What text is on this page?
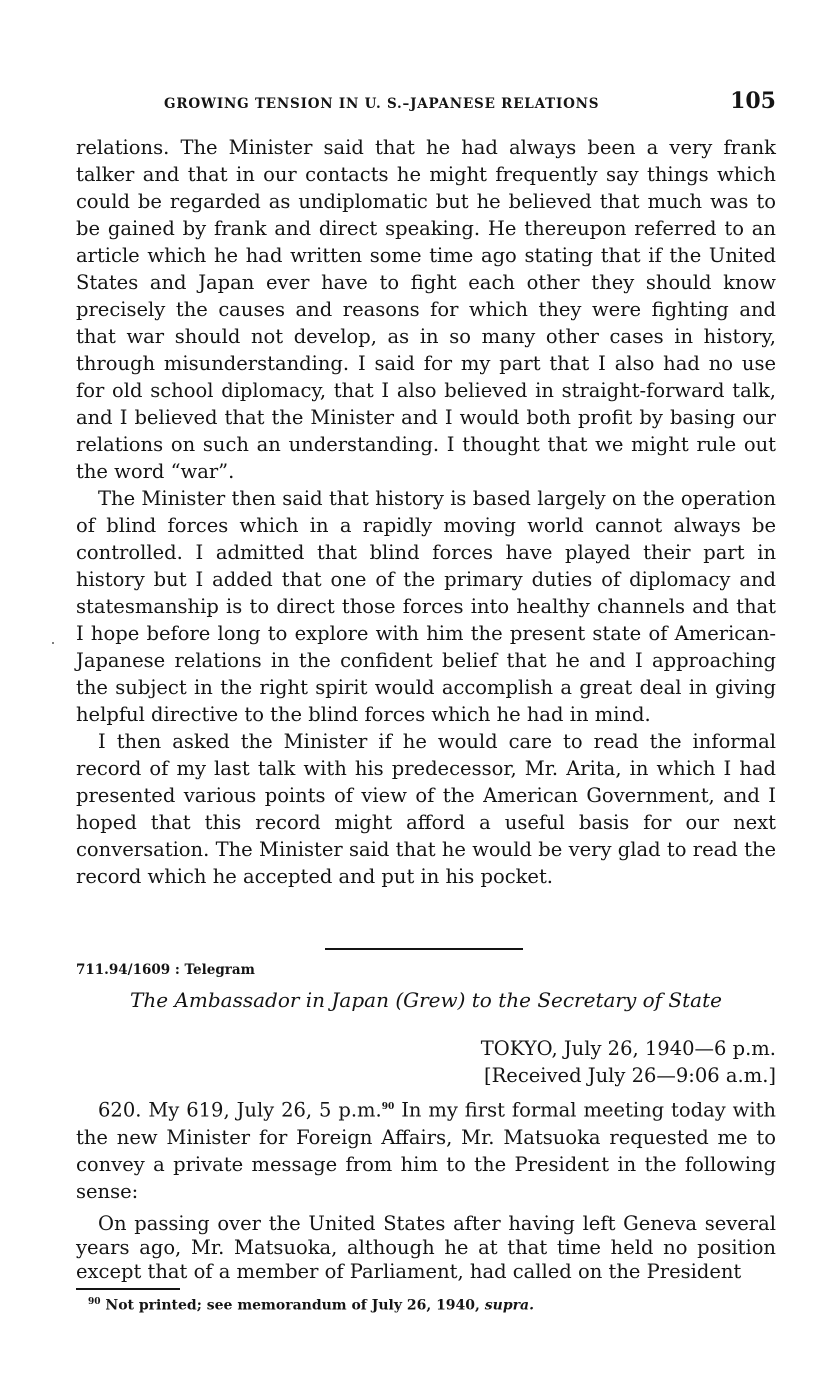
GROWING TENSION IN U. S.–JAPANESE RELATIONS	105

relations. The Minister said that he had always been a very frank talker and that in our contacts he might frequently say things which could be regarded as undiplomatic but he believed that much was to be gained by frank and direct speaking. He thereupon referred to an article which he had written some time ago stating that if the United States and Japan ever have to fight each other they should know precisely the causes and reasons for which they were fighting and that war should not develop, as in so many other cases in history, through misunderstanding. I said for my part that I also had no use for old school diplomacy, that I also believed in straight-forward talk, and I believed that the Minister and I would both profit by basing our relations on such an understanding. I thought that we might rule out the word “war”.

The Minister then said that history is based largely on the operation of blind forces which in a rapidly moving world cannot always be controlled. I admitted that blind forces have played their part in history but I added that one of the primary duties of diplomacy and statesmanship is to direct those forces into healthy channels and that I hope before long to explore with him the present state of American-Japanese relations in the confident belief that he and I approaching the subject in the right spirit would accomplish a great deal in giving helpful directive to the blind forces which he had in mind.

I then asked the Minister if he would care to read the informal record of my last talk with his predecessor, Mr. Arita, in which I had presented various points of view of the American Government, and I hoped that this record might afford a useful basis for our next conversation. The Minister said that he would be very glad to read the record which he accepted and put in his pocket.

711.94/1609 : Telegram
The Ambassador in Japan (Grew) to the Secretary of State
TOKYO, July 26, 1940—6 p.m.
[Received July 26—9:06 a.m.]

620. My 619, July 26, 5 p.m.$^{90}$ In my first formal meeting today with the new Minister for Foreign Affairs, Mr. Matsuoka requested me to convey a private message from him to the President in the following sense:

On passing over the United States after having left Geneva several years ago, Mr. Matsuoka, although he at that time held no position except that of a member of Parliament, had called on the President

$^{90}$ Not printed; see memorandum of July 26, 1940, supra.
